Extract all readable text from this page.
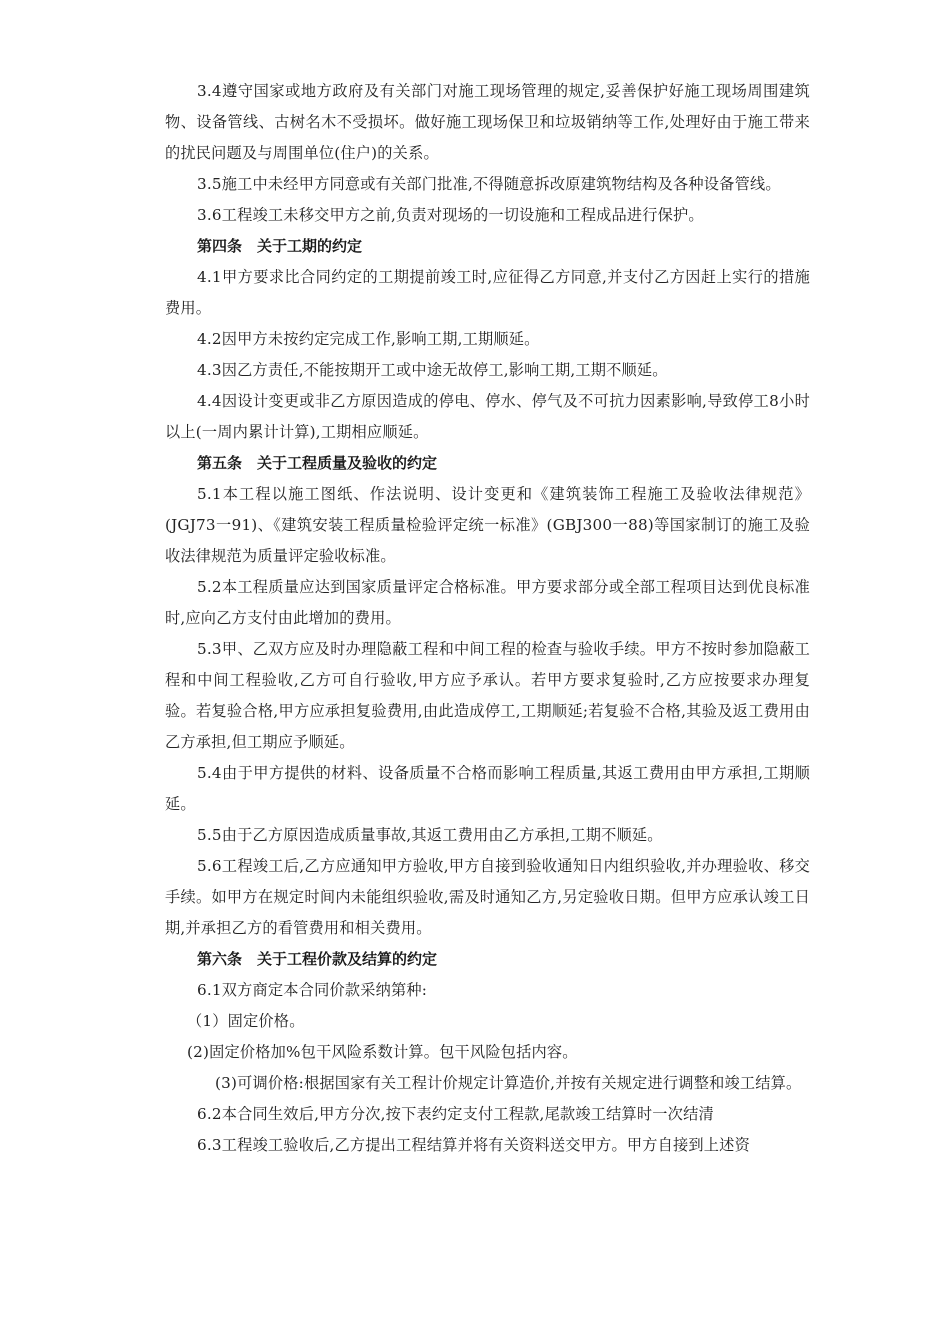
3.4遵守国家或地方政府及有关部门对施工现场管理的规定,妥善保护好施工现场周围建筑物、设备管线、古树名木不受损坏。做好施工现场保卫和垃圾销纳等工作,处理好由于施工带来的扰民问题及与周围单位(住户)的关系。

3.5施工中未经甲方同意或有关部门批准,不得随意拆改原建筑物结构及各种设备管线。

3.6工程竣工未移交甲方之前,负责对现场的一切设施和工程成品进行保护。

第四条　关于工期的约定

4.1甲方要求比合同约定的工期提前竣工时,应征得乙方同意,并支付乙方因赶上实行的措施费用。

4.2因甲方未按约定完成工作,影响工期,工期顺延。

4.3因乙方责任,不能按期开工或中途无故停工,影响工期,工期不顺延。

4.4因设计变更或非乙方原因造成的停电、停水、停气及不可抗力因素影响,导致停工8小时以上(一周内累计计算),工期相应顺延。

第五条　关于工程质量及验收的约定

5.1本工程以施工图纸、作法说明、设计变更和《建筑装饰工程施工及验收法律规范》(JGJ73一91)、《建筑安装工程质量检验评定统一标准》(GBJ300一88)等国家制订的施工及验收法律规范为质量评定验收标准。

5.2本工程质量应达到国家质量评定合格标准。甲方要求部分或全部工程项目达到优良标准时,应向乙方支付由此增加的费用。

5.3甲、乙双方应及时办理隐蔽工程和中间工程的检查与验收手续。甲方不按时参加隐蔽工程和中间工程验收,乙方可自行验收,甲方应予承认。若甲方要求复验时,乙方应按要求办理复验。若复验合格,甲方应承担复验费用,由此造成停工,工期顺延;若复验不合格,其验及返工费用由乙方承担,但工期应予顺延。

5.4由于甲方提供的材料、设备质量不合格而影响工程质量,其返工费用由甲方承担,工期顺延。

5.5由于乙方原因造成质量事故,其返工费用由乙方承担,工期不顺延。

5.6工程竣工后,乙方应通知甲方验收,甲方自接到验收通知日内组织验收,并办理验收、移交手续。如甲方在规定时间内未能组织验收,需及时通知乙方,另定验收日期。但甲方应承认竣工日期,并承担乙方的看管费用和相关费用。

第六条　关于工程价款及结算的约定

6.1双方商定本合同价款采纳第种:

（1）固定价格。

(2)固定价格加%包干风险系数计算。包干风险包括内容。

(3)可调价格:根据国家有关工程计价规定计算造价,并按有关规定进行调整和竣工结算。

6.2本合同生效后,甲方分次,按下表约定支付工程款,尾款竣工结算时一次结清

6.3工程竣工验收后,乙方提出工程结算并将有关资料送交甲方。甲方自接到上述资
